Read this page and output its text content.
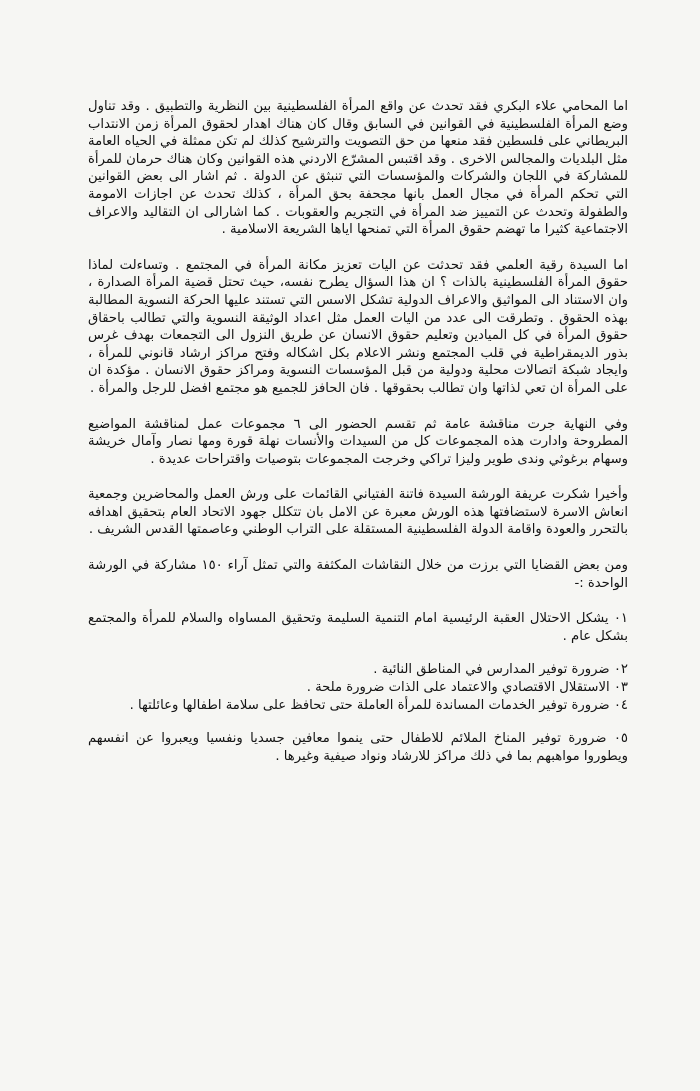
اما المحامي علاء البكري فقد تحدث عن واقع المرأة الفلسطينية بين النظرية والتطبيق . وقد تناول وضع المرأة الفلسطينية في القوانين في السابق وقال كان هناك اهدار لحقوق المرأة زمن الانتداب البريطاني على فلسطين فقد منعها من حق التصويت والترشيح كذلك لم تكن ممثلة في الحياه العامة مثل البلديات والمجالس الاخرى . وقد اقتبس المشرّع الاردني هذه القوانين وكان هناك حرمان للمرأة للمشاركة في اللجان والشركات والمؤسسات التي تنبثق عن الدولة . ثم اشار الى بعض القوانين التي تحكم المرأة في مجال العمل بانها مجحفة بحق المرأة ، كذلك تحدث عن اجازات الامومة والطفولة وتحدث عن التمييز ضد المرأة في التجريم والعقوبات . كما اشارالى ان التقاليد والاعراف الاجتماعية كثيرا ما تهضم حقوق المرأة التي تمنحها اياها الشريعة الاسلامية .

اما السيدة رقية العلمي فقد تحدثت عن اليات تعزيز مكانة المرأة في المجتمع . وتساءلت لماذا حقوق المرأة الفلسطينية بالذات ؟ ان هذا السؤال يطرح نفسه، حيث تحتل قضية المرأة الصدارة ، وان الاستناد الى المواثيق والاعراف الدولية تشكل الاسس التي تستند عليها الحركة النسوية المطالبة بهذه الحقوق . وتطرقت الى عدد من اليات العمل مثل اعداد الوثيقة النسوية والتي تطالب باحقاق حقوق المرأة في كل الميادين وتعليم حقوق الانسان عن طريق النزول الى التجمعات بهدف غرس بذور الديمقراطية في قلب المجتمع ونشر الاعلام بكل اشكاله وفتح مراكز ارشاد قانوني للمرأة ، وايجاد شبكة اتصالات محلية ودولية من قبل المؤسسات النسوية ومراكز حقوق الانسان . مؤكدة ان على المرأة ان تعي لذاتها وان تطالب بحقوقها . فان الحافز للجميع هو مجتمع افضل للرجل والمرأة .

وفي النهاية جرت مناقشة عامة ثم تقسم الحضور الى ٦ مجموعات عمل لمناقشة المواضيع المطروحة وادارت هذه المجموعات كل من السيدات والأنسات نهلة قورة ومها نصار وآمال خريشة وسهام برغوثي وندى طوير وليزا تراكي وخرجت المجموعات بتوصيات واقتراحات عديدة .

وأخيرا شكرت عريفة الورشة السيدة فاتنة الفتياني القائمات على ورش العمل والمحاضرين وجمعية انعاش الاسرة لاستضافتها هذه الورش معبرة عن الامل بان تتكلل جهود الاتحاد العام بتحقيق اهدافه بالتحرر والعودة واقامة الدولة الفلسطينية المستقلة على التراب الوطني وعاصمتها القدس الشريف .

ومن بعض القضايا التي برزت من خلال النقاشات المكثفة والتي تمثل آراء ١٥٠ مشاركة في الورشة الواحدة :-

٠١ يشكل الاحتلال العقبة الرئيسية امام التنمية السليمة وتحقيق المساواه والسلام للمرأة والمجتمع بشكل عام .
٠٢ ضرورة توفير المدارس في المناطق النائية .
٠٣ الاستقلال الاقتصادي والاعتماد على الذات ضرورة ملحة .
٠٤ ضرورة توفير الخدمات المساندة للمرأة العاملة حتى تحافظ على سلامة اطفالها وعائلتها .
٠٥ ضرورة توفير المناخ الملائم للاطفال حتى ينموا معافين جسديا ونفسيا ويعبروا عن انفسهم ويطوروا مواهبهم بما في ذلك مراكز للارشاد ونواد صيفية وغيرها .
